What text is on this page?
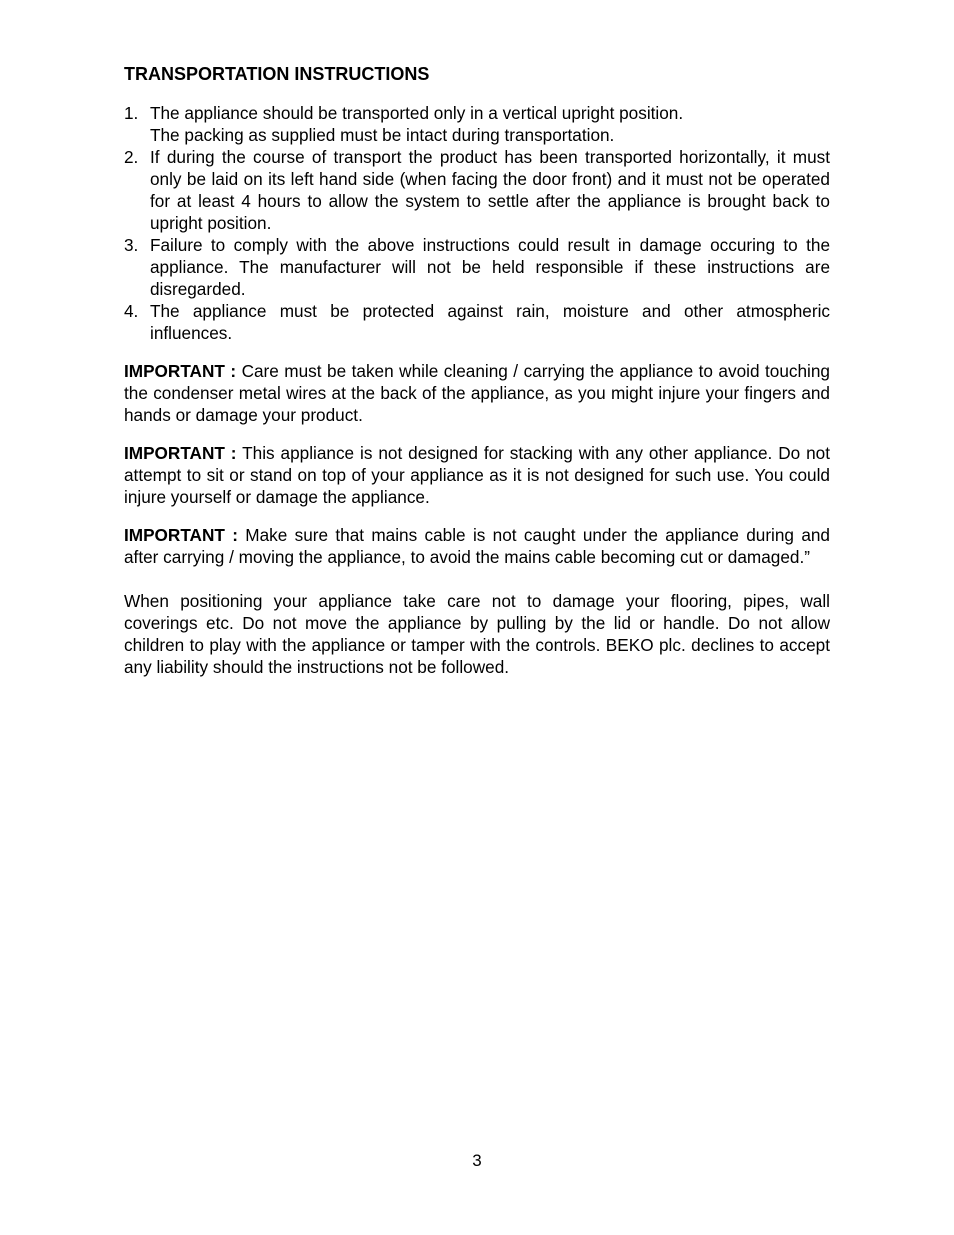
TRANSPORTATION INSTRUCTIONS
1. The appliance should be transported only in a vertical upright position.
The packing as supplied must be intact during transportation.
2. If during the course of transport the product has been transported horizontally, it must only be laid on its left hand side (when facing the door front) and it must not be operated for at least 4 hours to allow the system to settle after the appliance is brought back to upright position.
3. Failure to comply with the above instructions could result in damage occuring to the appliance. The manufacturer will not be held responsible if these instructions are disregarded.
4. The appliance must be protected against rain, moisture and other atmospheric influences.

IMPORTANT : Care must be taken while cleaning / carrying the appliance to avoid touching the condenser metal wires at the back of the appliance, as you might injure your fingers and hands or damage your product.

IMPORTANT : This appliance is not designed for stacking with any other appliance. Do not attempt to sit or stand on top of your appliance as it is not designed for such use. You could injure yourself or damage the appliance.

IMPORTANT : Make sure that mains cable is not caught under the appliance during and after carrying / moving the appliance, to avoid the mains cable becoming cut or damaged.”

When positioning your appliance take care not to damage your flooring, pipes, wall coverings etc. Do not move the appliance by pulling by the lid or handle. Do not allow children to play with the appliance or tamper with the controls. BEKO plc. declines to accept any liability should the instructions not be followed.

3
